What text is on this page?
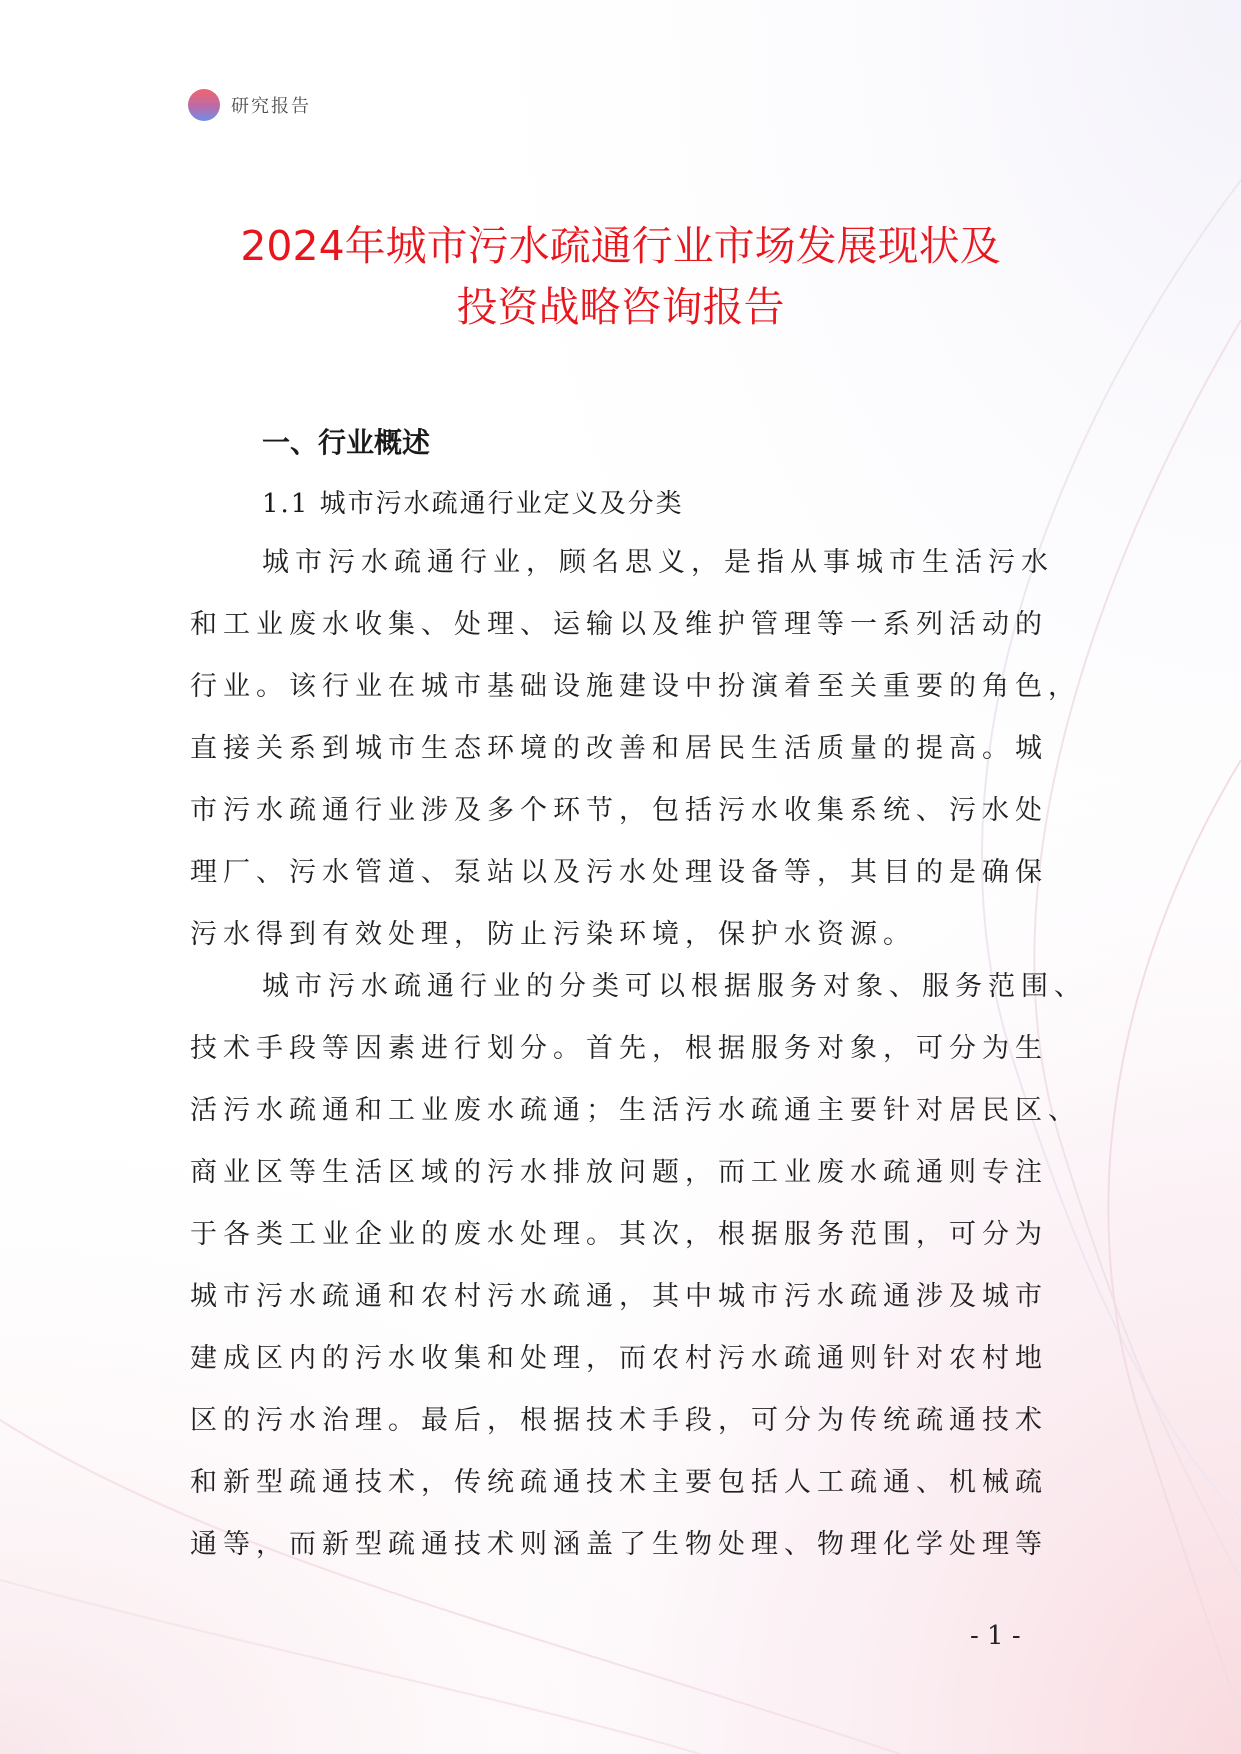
研究报告
2024年城市污水疏通行业市场发展现状及
投资战略咨询报告
一、行业概述
1.1 城市污水疏通行业定义及分类
城市污水疏通行业，顾名思义，是指从事城市生活污水
和工业废水收集、处理、运输以及维护管理等一系列活动的
行业。该行业在城市基础设施建设中扮演着至关重要的角色，
直接关系到城市生态环境的改善和居民生活质量的提高。城
市污水疏通行业涉及多个环节，包括污水收集系统、污水处
理厂、污水管道、泵站以及污水处理设备等，其目的是确保
污水得到有效处理，防止污染环境，保护水资源。
城市污水疏通行业的分类可以根据服务对象、服务范围、
技术手段等因素进行划分。首先，根据服务对象，可分为生
活污水疏通和工业废水疏通；生活污水疏通主要针对居民区、
商业区等生活区域的污水排放问题，而工业废水疏通则专注
于各类工业企业的废水处理。其次，根据服务范围，可分为
城市污水疏通和农村污水疏通，其中城市污水疏通涉及城市
建成区内的污水收集和处理，而农村污水疏通则针对农村地
区的污水治理。最后，根据技术手段，可分为传统疏通技术
和新型疏通技术，传统疏通技术主要包括人工疏通、机械疏
通等，而新型疏通技术则涵盖了生物处理、物理化学处理等
- 1 -
